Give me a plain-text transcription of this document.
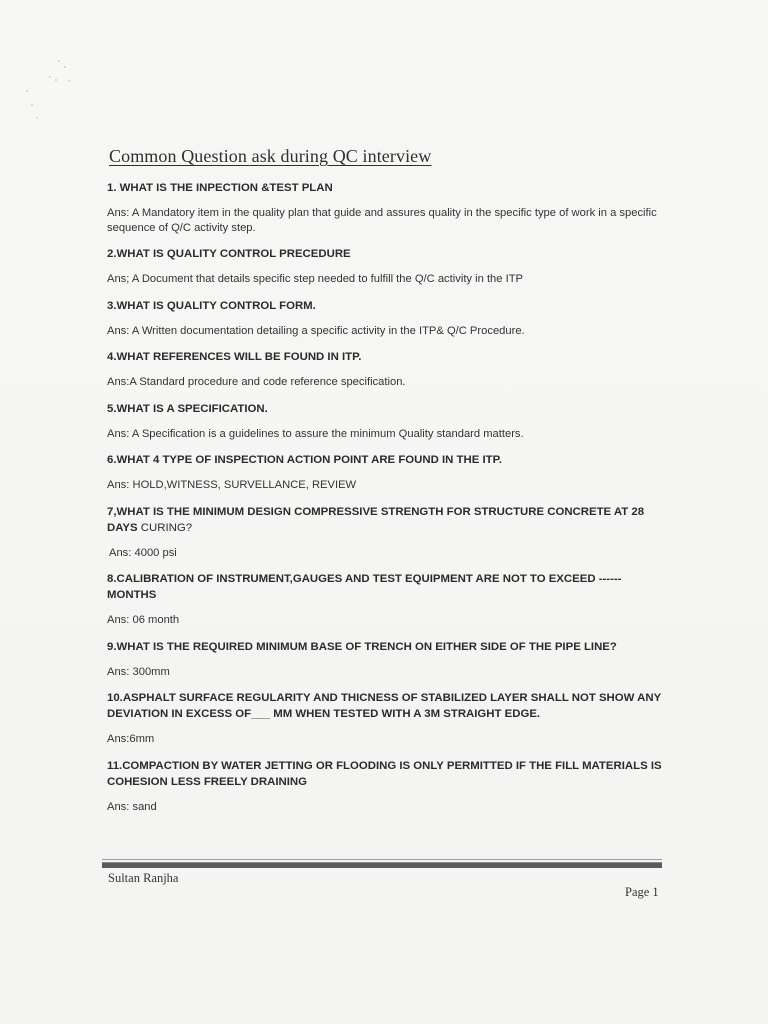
Common Question ask during QC interview

1. WHAT IS THE INPECTION &TEST PLAN

Ans: A Mandatory item in the quality plan that guide and assures quality in the specific type of work in a specific sequence of Q/C activity step.

2.WHAT IS QUALITY CONTROL PRECEDURE

Ans; A Document that details specific step needed to fulfill the Q/C activity in the ITP

3.WHAT IS QUALITY CONTROL FORM.

Ans: A Written documentation detailing a specific activity in the ITP& Q/C Procedure.

4.WHAT REFERENCES WILL BE FOUND IN ITP.

Ans:A Standard procedure and code reference specification.

5.WHAT IS A SPECIFICATION.

Ans: A Specification is a guidelines to assure the minimum Quality standard matters.

6.WHAT 4 TYPE OF INSPECTION ACTION POINT ARE FOUND IN THE ITP.

Ans: HOLD,WITNESS, SURVELLANCE, REVIEW

7,WHAT IS THE MINIMUM DESIGN COMPRESSIVE STRENGTH FOR STRUCTURE CONCRETE AT 28 DAYS CURING?

Ans: 4000 psi

8.CALIBRATION OF INSTRUMENT,GAUGES AND TEST EQUIPMENT ARE NOT TO EXCEED ------ MONTHS

Ans: 06 month

9.WHAT IS THE REQUIRED MINIMUM BASE OF TRENCH ON EITHER SIDE OF THE PIPE LINE?

Ans: 300mm

10.ASPHALT SURFACE REGULARITY AND THICNESS OF STABILIZED LAYER SHALL NOT SHOW ANY DEVIATION IN EXCESS OF___ MM WHEN TESTED WITH A 3M STRAIGHT EDGE.

Ans:6mm

11.COMPACTION BY WATER JETTING OR FLOODING IS ONLY PERMITTED IF THE FILL MATERIALS IS COHESION LESS FREELY DRAINING

Ans: sand

Sultan Ranjha

Page 1
